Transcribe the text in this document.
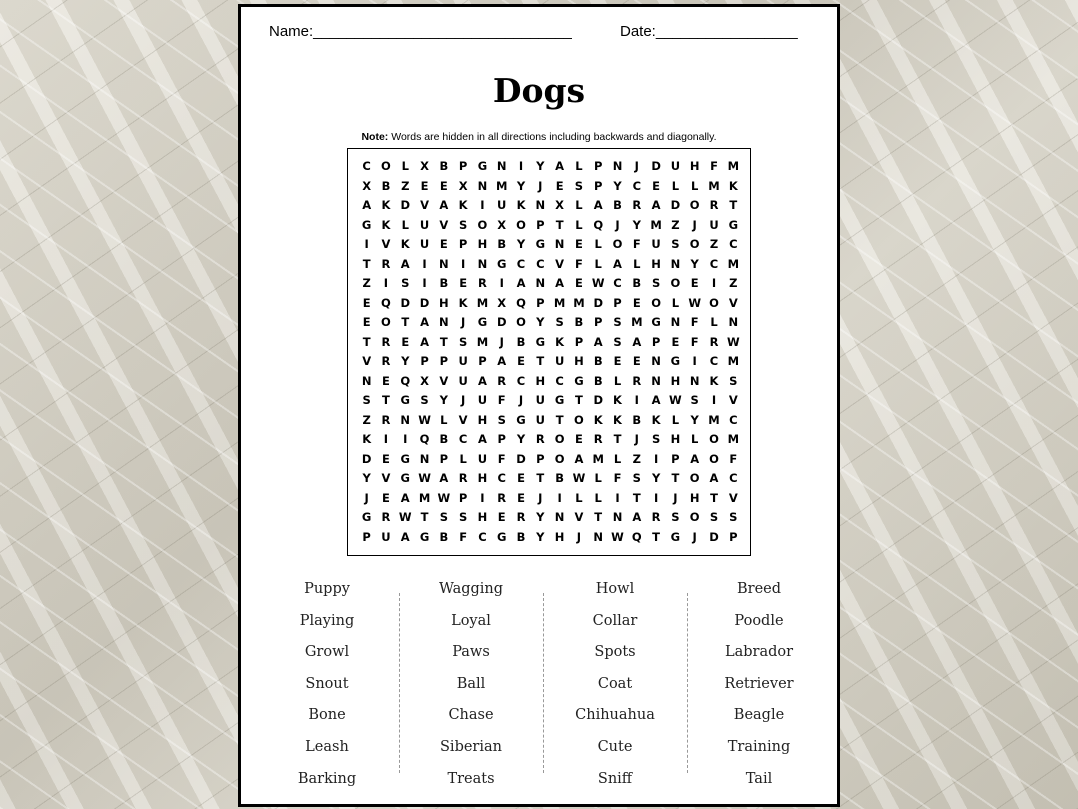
Name:_______________________________	Date:_________________
Dogs
Note: Words are hidden in all directions including backwards and diagonally.
C O L X B P G N	I	Y A L P N	J	D U H F M
X B Z E E X N M Y	J	E S P Y C E	L	L M K
A K D V A K	I	U K N X L A B R A D O R T
G K L U V S O X O P T	L Q	J	Y M Z	J	U G
I	V K U E P H B Y G N E	L O F U S O Z C
T R A	I	N	I	N G C C V F	L A L H N Y C M
Z	I	S	I	B E R	I	A N A E W C B S O E	I	Z
E Q D D H K M X Q P M M D P E O L W O V
E O T A N	J	G D O Y S B P S M G N F	L N
T R E A T S M J	B G K P A S A P E F R W
V R Y P P U P A E T U H B E E N G	I	C M
N E Q X V U A R C H C G B L R N H N K S
S T G S Y	J	U F	J	U G T D K	I	A W S	I	V
Z R N W L V H S G U T O K K B K L Y M C
K	I	I	Q B C A P Y R O E R T	J	S H L O M
D E G N P L U F D P O A M L Z	I	P A O F
Y V G W A R H C E T B W L	F S Y T O A C
J	E A M W P	I	R E	J	I	L	L	I	T	I	J	H T V
G R W T S S H E R Y N V T N A R S O S S
P U A G B F C G B Y H	J	N W Q T G	J	D P
Puppy
Playing
Growl
Snout
Bone
Leash
Barking
Wagging
Loyal
Paws
Ball
Chase
Siberian
Treats
Howl
Collar
Spots
Coat
Chihuahua
Cute
Sniff
Breed
Poodle
Labrador
Retriever
Beagle
Training
Tail
